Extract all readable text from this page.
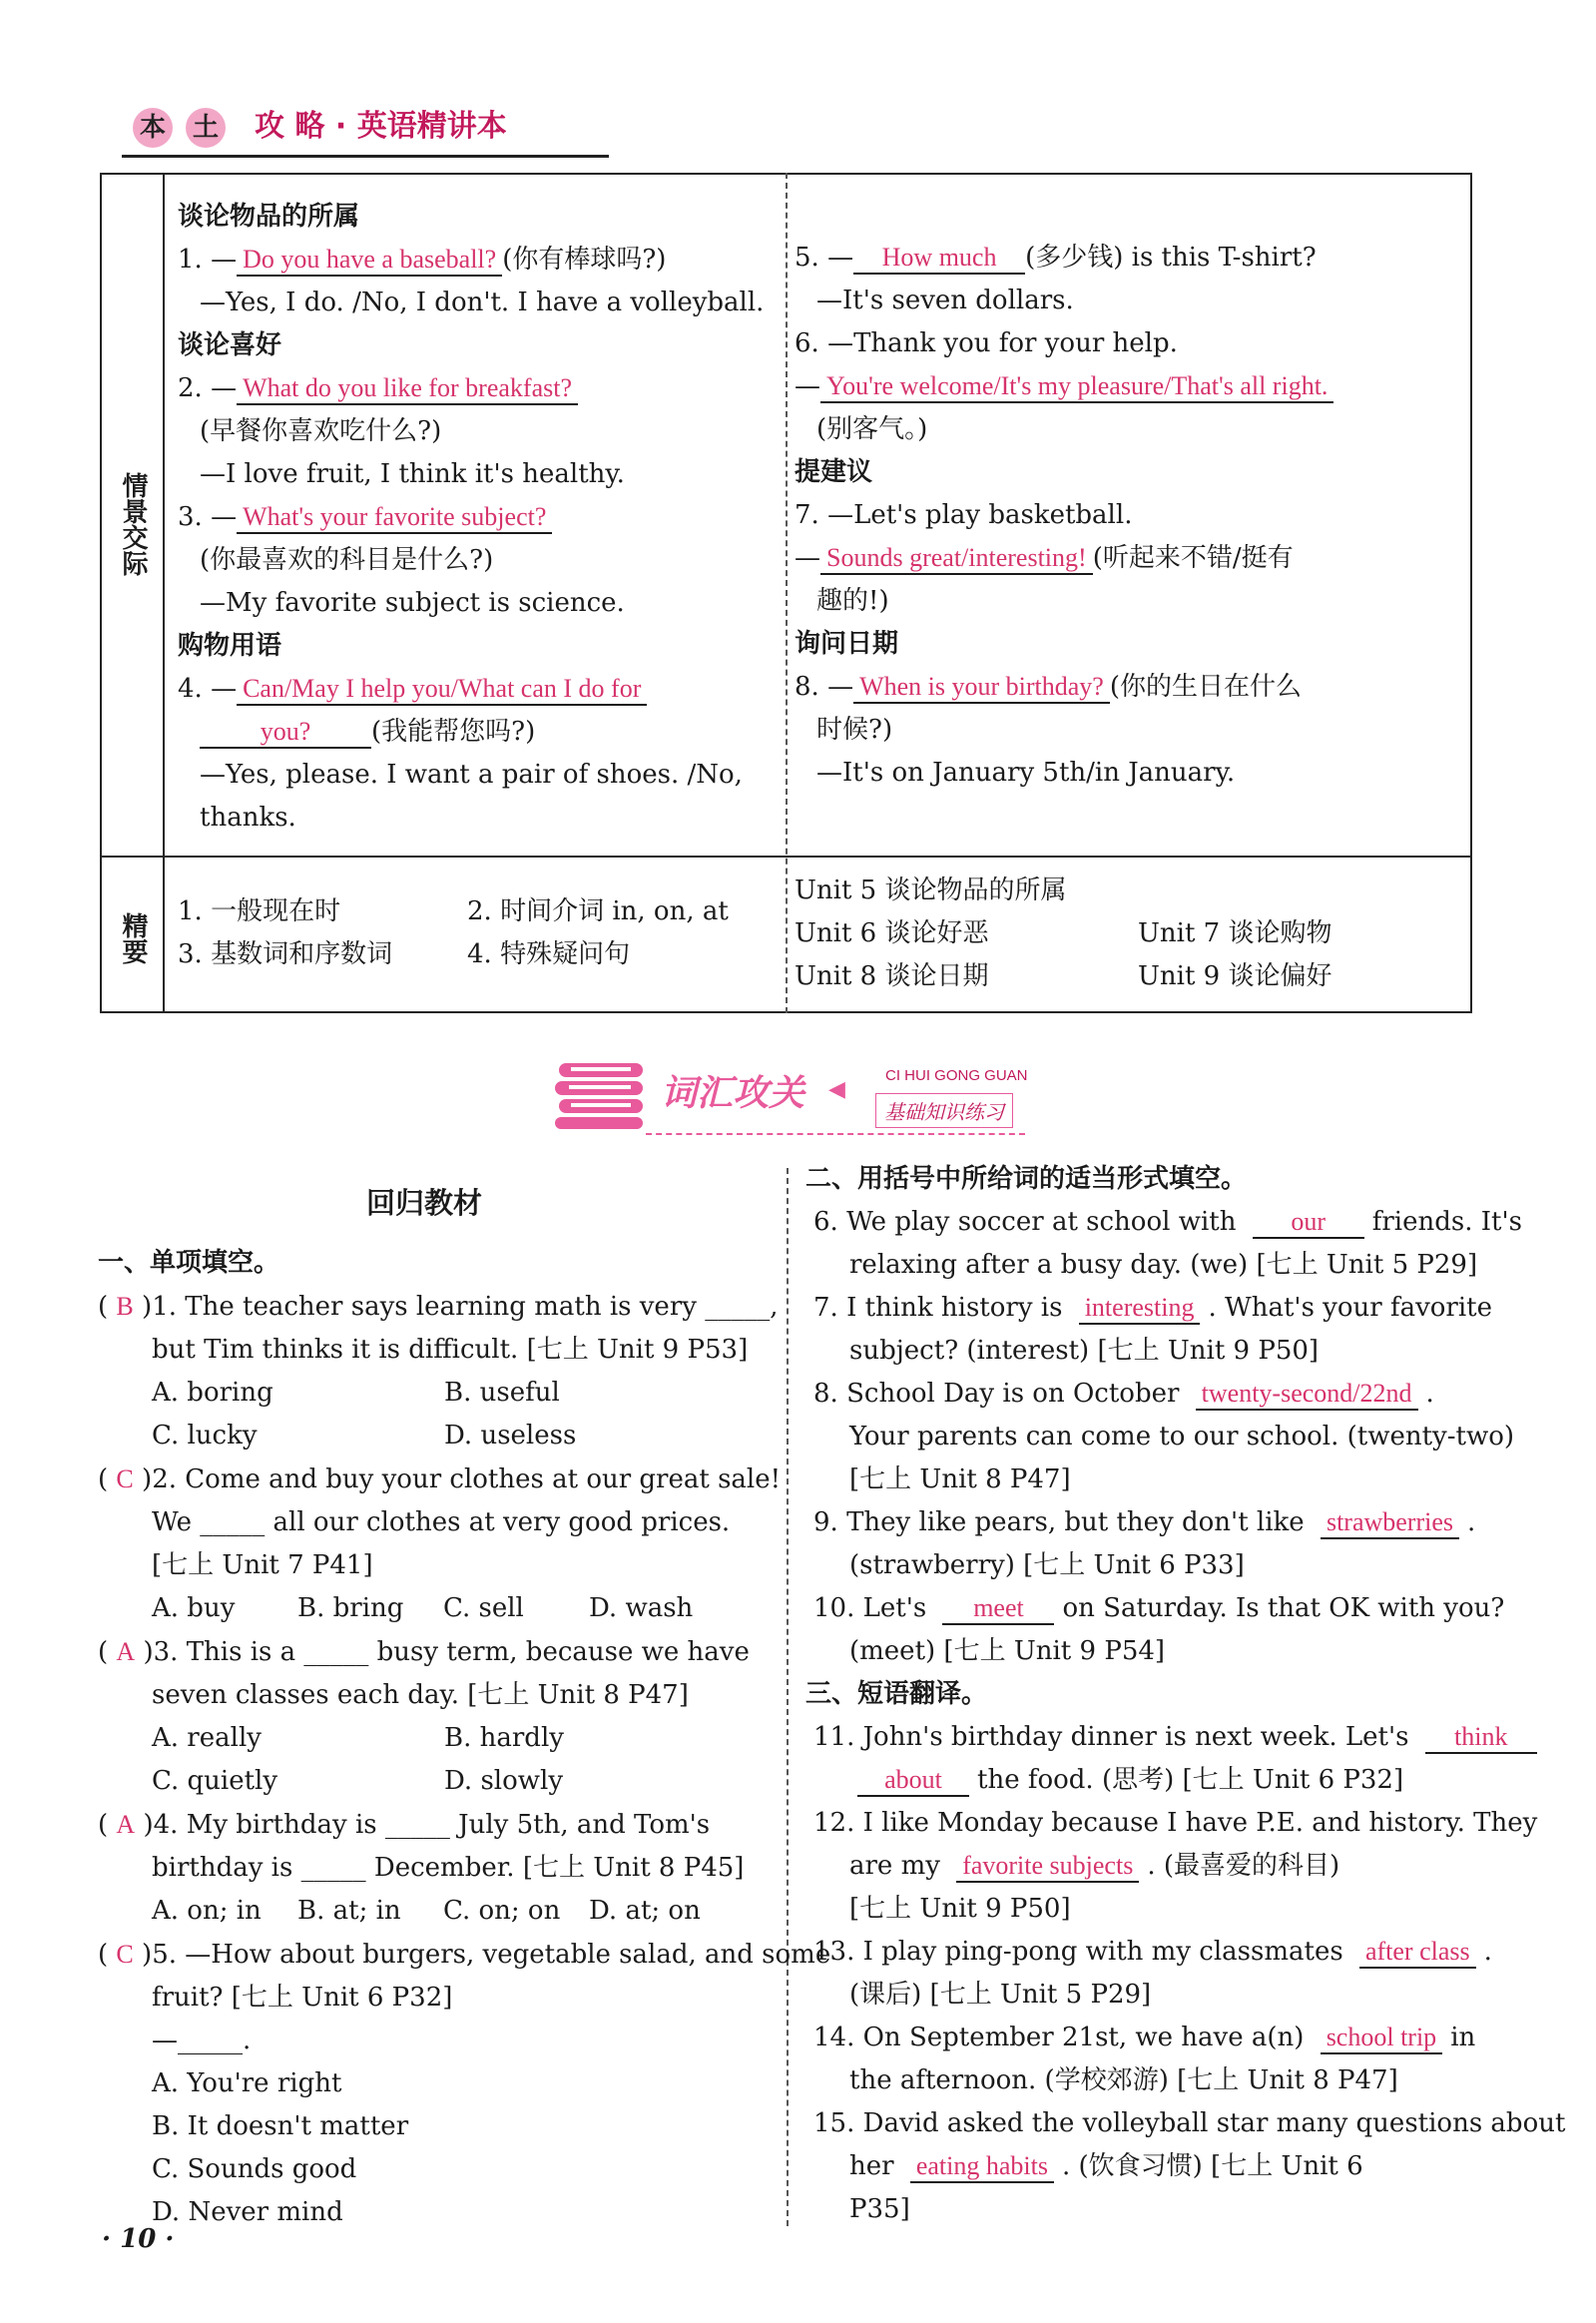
本 土 攻 略 · 英语精讲本
情景交际
精要
谈论物品的所属
1. — Do you have a baseball? (你有棒球吗?)
—Yes, I do. /No, I don't. I have a volleyball.
谈论喜好
2. — What do you like for breakfast?
(早餐你喜欢吃什么?)
—I love fruit, I think it's healthy.
3. — What's your favorite subject?
(你最喜欢的科目是什么?)
—My favorite subject is science.
购物用语
4. — Can/May I help you/What can I do for
you? (我能帮您吗?)
—Yes, please. I want a pair of shoes. /No,
thanks.
5. — How much (多少钱) is this T-shirt?
—It's seven dollars.
6. —Thank you for your help.
— You're welcome/It's my pleasure/That's all right.
(别客气。)
提建议
7. —Let's play basketball.
— Sounds great/interesting! (听起来不错/挺有
趣的!)
询问日期
8. — When is your birthday? (你的生日在什么
时候?)
—It's on January 5th/in January.
1. 一般现在时	2. 时间介词 in, on, at
3. 基数词和序数词	4. 特殊疑问句
Unit 5 谈论物品的所属
Unit 6 谈论好恶	Unit 7 谈论购物
Unit 8 谈论日期	Unit 9 谈论偏好
词汇攻关 ◀
CI HUI GONG GUAN
基础知识练习
回归教材
一、单项填空。
( B )1. The teacher says learning math is very _____,
but Tim thinks it is difficult. [七上 Unit 9 P53]
A. boring	B. useful
C. lucky	D. useless
( C )2. Come and buy your clothes at our great sale!
We _____ all our clothes at very good prices.
[七上 Unit 7 P41]
A. buy B. bring C. sell	D. wash
( A )3. This is a _____ busy term, because we have
seven classes each day. [七上 Unit 8 P47]
A. really	B. hardly
C. quietly	D. slowly
( A )4. My birthday is _____ July 5th, and Tom's
birthday is _____ December. [七上 Unit 8 P45]
A. on; in B. at; in C. on; on D. at; on
( C )5. —How about burgers, vegetable salad, and some
fruit? [七上 Unit 6 P32]
—_____.
A. You're right
B. It doesn't matter
C. Sounds good
D. Never mind
二、用括号中所给词的适当形式填空。
6. We play soccer at school with our friends. It's
relaxing after a busy day. (we) [七上 Unit 5 P29]
7. I think history is interesting . What's your favorite
subject? (interest) [七上 Unit 9 P50]
8. School Day is on October twenty-second/22nd .
Your parents can come to our school. (twenty-two)
[七上 Unit 8 P47]
9. They like pears, but they don't like strawberries .
(strawberry) [七上 Unit 6 P33]
10. Let's meet on Saturday. Is that OK with you?
(meet) [七上 Unit 9 P54]
三、短语翻译。
11. John's birthday dinner is next week. Let's think
about the food. (思考) [七上 Unit 6 P32]
12. I like Monday because I have P.E. and history. They
are my favorite subjects . (最喜爱的科目)
[七上 Unit 9 P50]
13. I play ping-pong with my classmates after class .
(课后) [七上 Unit 5 P29]
14. On September 21st, we have a(n) school trip in
the afternoon. (学校郊游) [七上 Unit 8 P47]
15. David asked the volleyball star many questions about
her eating habits . (饮食习惯) [七上 Unit 6
P35]
· 10 ·
